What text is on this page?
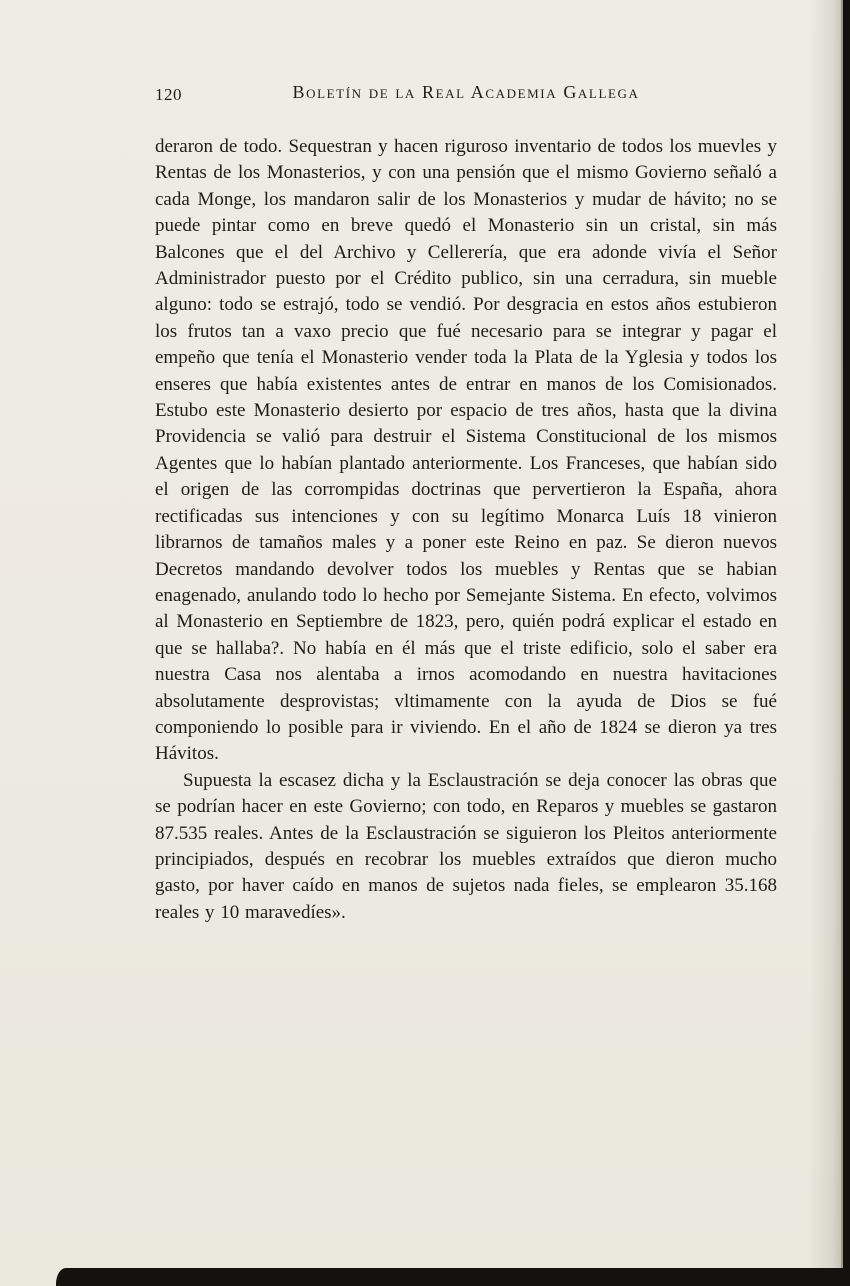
120	Boletín de la Real Academia Gallega

deraron de todo. Sequestran y hacen riguroso inventario de todos los muevles y Rentas de los Monasterios, y con una pensión que el mismo Govierno señaló a cada Monge, los mandaron salir de los Monasterios y mudar de hávito; no se puede pintar como en breve quedó el Monasterio sin un cristal, sin más Balcones que el del Archivo y Cellerería, que era adonde vivía el Señor Administrador puesto por el Crédito publico, sin una cerradura, sin mueble alguno: todo se estrajó, todo se vendió. Por desgracia en estos años estubieron los frutos tan a vaxo precio que fué necesario para se integrar y pagar el empeño que tenía el Monasterio vender toda la Plata de la Yglesia y todos los enseres que había existentes antes de entrar en manos de los Comisionados. Estubo este Monasterio desierto por espacio de tres años, hasta que la divina Providencia se valió para destruir el Sistema Constitucional de los mismos Agentes que lo habían plantado anteriormente. Los Franceses, que habían sido el origen de las corrompidas doctrinas que pervertieron la España, ahora rectificadas sus intenciones y con su legítimo Monarca Luís 18 vinieron librarnos de tamaños males y a poner este Reino en paz. Se dieron nuevos Decretos mandando devolver todos los muebles y Rentas que se habian enagenado, anulando todo lo hecho por Semejante Sistema. En efecto, volvimos al Monasterio en Septiembre de 1823, pero, quién podrá explicar el estado en que se hallaba?. No había en él más que el triste edificio, solo el saber era nuestra Casa nos alentaba a irnos acomodando en nuestra havitaciones absolutamente desprovistas; vltimamente con la ayuda de Dios se fué componiendo lo posible para ir viviendo. En el año de 1824 se dieron ya tres Hávitos.

Supuesta la escasez dicha y la Esclaustración se deja conocer las obras que se podrían hacer en este Govierno; con todo, en Reparos y muebles se gastaron 87.535 reales. Antes de la Esclaustración se siguieron los Pleitos anteriormente principiados, después en recobrar los muebles extraídos que dieron mucho gasto, por haver caído en manos de sujetos nada fieles, se emplearon 35.168 reales y 10 maravedíes».
